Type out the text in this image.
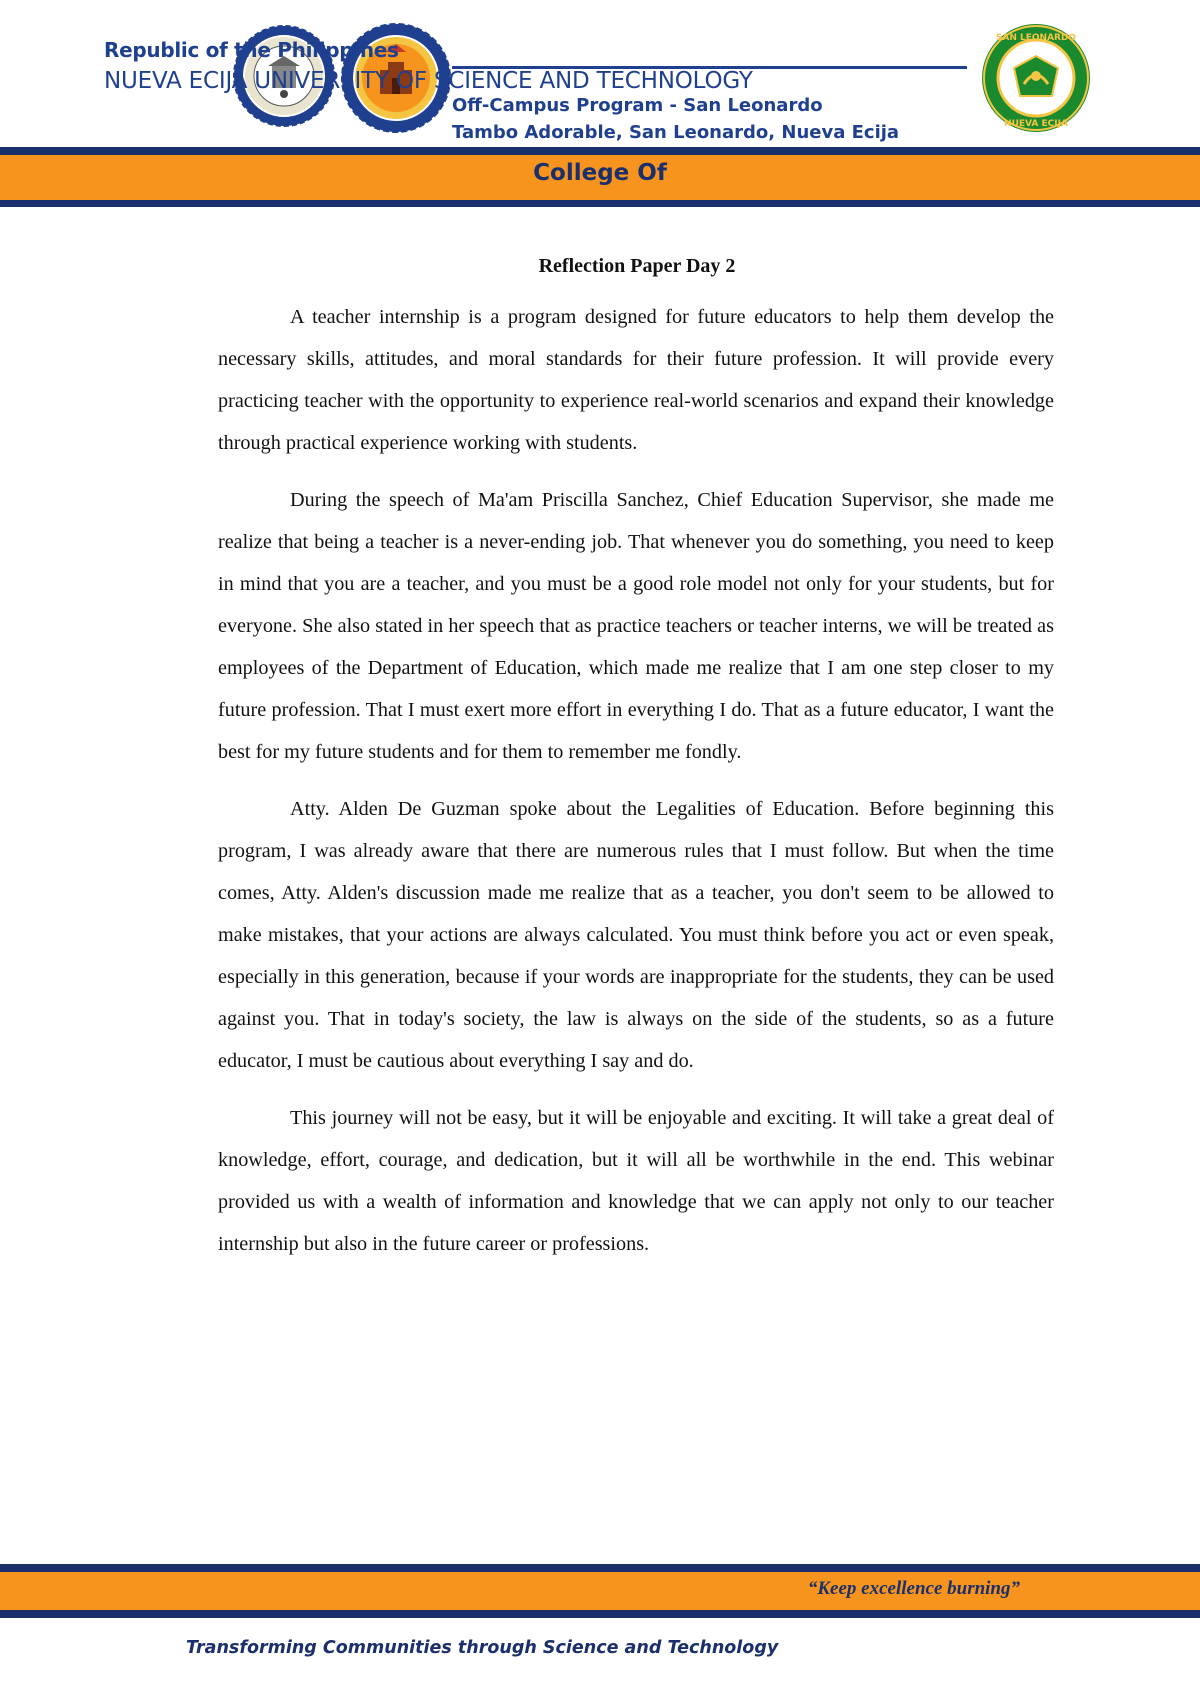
Republic of the Philippines
NUEVA ECIJA UNIVERSITY OF SCIENCE AND TECHNOLOGY
Off-Campus Program - San Leonardo
Tambo Adorable, San Leonardo, Nueva Ecija
SAN LEONARDO
NUEVA ECIJA
College Of
Reflection Paper Day 2

A teacher internship is a program designed for future educators to help them develop the necessary skills, attitudes, and moral standards for their future profession. It will provide every practicing teacher with the opportunity to experience real-world scenarios and expand their knowledge through practical experience working with students.

During the speech of Ma'am Priscilla Sanchez, Chief Education Supervisor, she made me realize that being a teacher is a never-ending job. That whenever you do something, you need to keep in mind that you are a teacher, and you must be a good role model not only for your students, but for everyone. She also stated in her speech that as practice teachers or teacher interns, we will be treated as employees of the Department of Education, which made me realize that I am one step closer to my future profession. That I must exert more effort in everything I do. That as a future educator, I want the best for my future students and for them to remember me fondly.

Atty. Alden De Guzman spoke about the Legalities of Education. Before beginning this program, I was already aware that there are numerous rules that I must follow. But when the time comes, Atty. Alden's discussion made me realize that as a teacher, you don't seem to be allowed to make mistakes, that your actions are always calculated. You must think before you act or even speak, especially in this generation, because if your words are inappropriate for the students, they can be used against you. That in today's society, the law is always on the side of the students, so as a future educator, I must be cautious about everything I say and do.

This journey will not be easy, but it will be enjoyable and exciting. It will take a great deal of knowledge, effort, courage, and dedication, but it will all be worthwhile in the end. This webinar provided us with a wealth of information and knowledge that we can apply not only to our teacher internship but also in the future career or professions.

“Keep excellence burning”
Transforming Communities through Science and Technology
